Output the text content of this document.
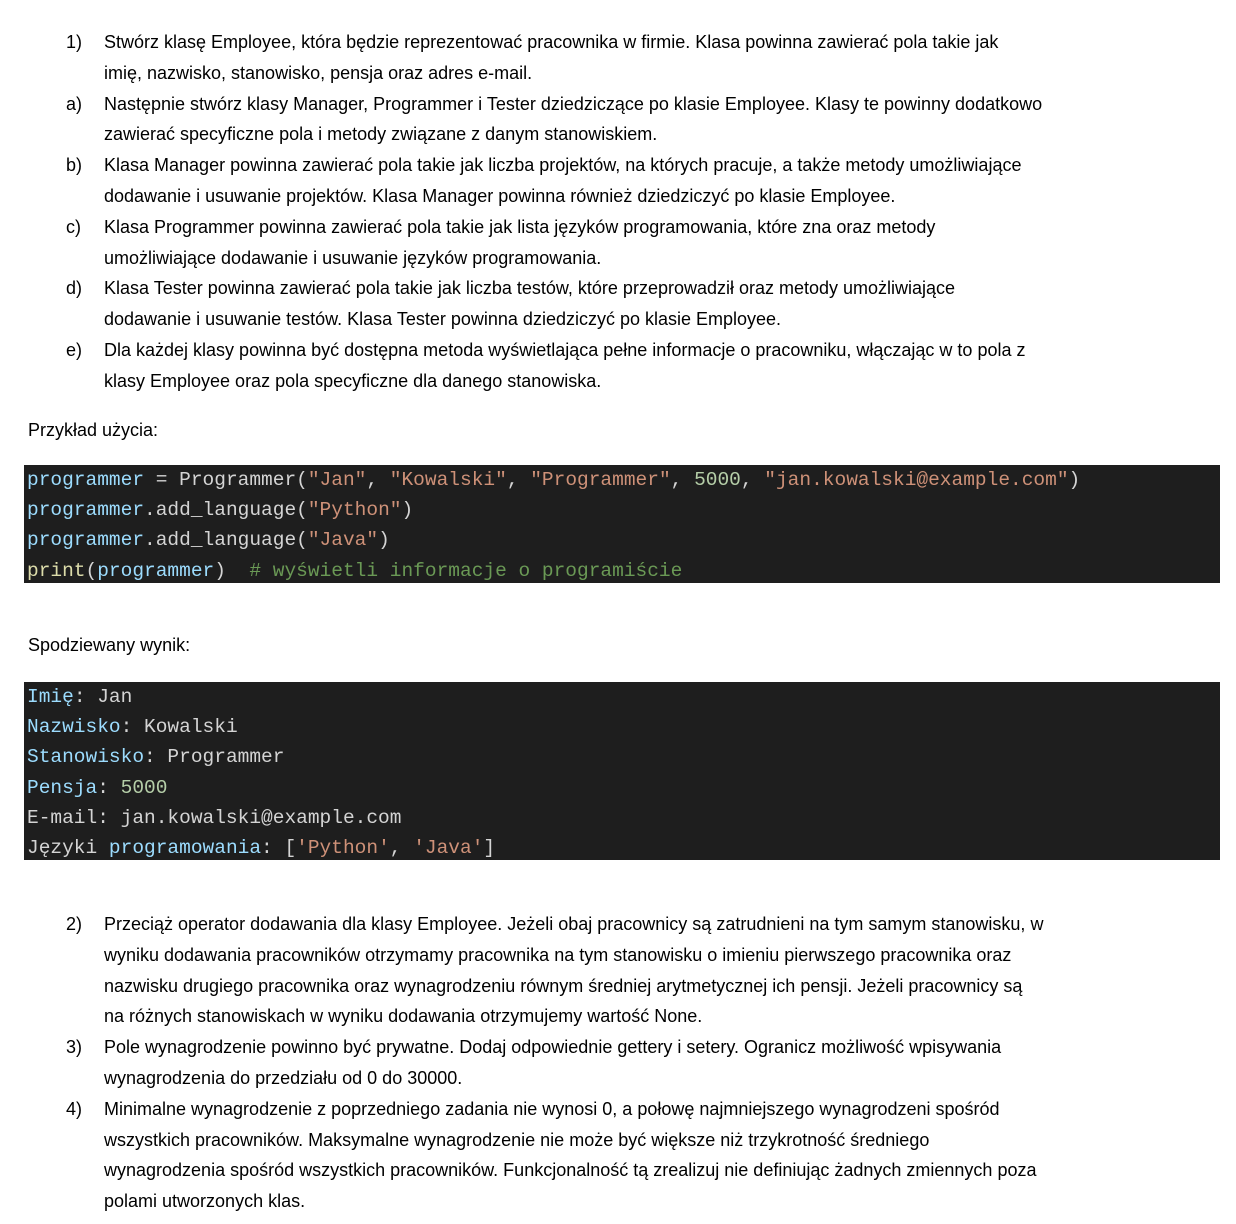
1) Stwórz klasę Employee, która będzie reprezentować pracownika w firmie. Klasa powinna zawierać pola takie jak
imię, nazwisko, stanowisko, pensja oraz adres e-mail.
a) Następnie stwórz klasy Manager, Programmer i Tester dziedziczące po klasie Employee. Klasy te powinny dodatkowo
zawierać specyficzne pola i metody związane z danym stanowiskiem.
b) Klasa Manager powinna zawierać pola takie jak liczba projektów, na których pracuje, a także metody umożliwiające
dodawanie i usuwanie projektów. Klasa Manager powinna również dziedziczyć po klasie Employee.
c) Klasa Programmer powinna zawierać pola takie jak lista języków programowania, które zna oraz metody
umożliwiające dodawanie i usuwanie języków programowania.
d) Klasa Tester powinna zawierać pola takie jak liczba testów, które przeprowadził oraz metody umożliwiające
dodawanie i usuwanie testów. Klasa Tester powinna dziedziczyć po klasie Employee.
e) Dla każdej klasy powinna być dostępna metoda wyświetlająca pełne informacje o pracowniku, włączając w to pola z
klasy Employee oraz pola specyficzne dla danego stanowiska.
Przykład użycia:
programmer = Programmer("Jan", "Kowalski", "Programmer", 5000, "jan.kowalski@example.com")
programmer.add_language("Python")
programmer.add_language("Java")
print(programmer)  # wyświetli informacje o programiście
Spodziewany wynik:
Imię: Jan
Nazwisko: Kowalski
Stanowisko: Programmer
Pensja: 5000
E-mail: jan.kowalski@example.com
Języki programowania: ['Python', 'Java']
2) Przeciąż operator dodawania dla klasy Employee. Jeżeli obaj pracownicy są zatrudnieni na tym samym stanowisku, w
wyniku dodawania pracowników otrzymamy pracownika na tym stanowisku o imieniu pierwszego pracownika oraz
nazwisku drugiego pracownika oraz wynagrodzeniu równym średniej arytmetycznej ich pensji. Jeżeli pracownicy są
na różnych stanowiskach w wyniku dodawania otrzymujemy wartość None.
3) Pole wynagrodzenie powinno być prywatne. Dodaj odpowiednie gettery i setery. Ogranicz możliwość wpisywania
wynagrodzenia do przedziału od 0 do 30000.
4) Minimalne wynagrodzenie z poprzedniego zadania nie wynosi 0, a połowę najmniejszego wynagrodzeni spośród
wszystkich pracowników. Maksymalne wynagrodzenie nie może być większe niż trzykrotność średniego
wynagrodzenia spośród wszystkich pracowników. Funkcjonalność tą zrealizuj nie definiując żadnych zmiennych poza
polami utworzonych klas.
